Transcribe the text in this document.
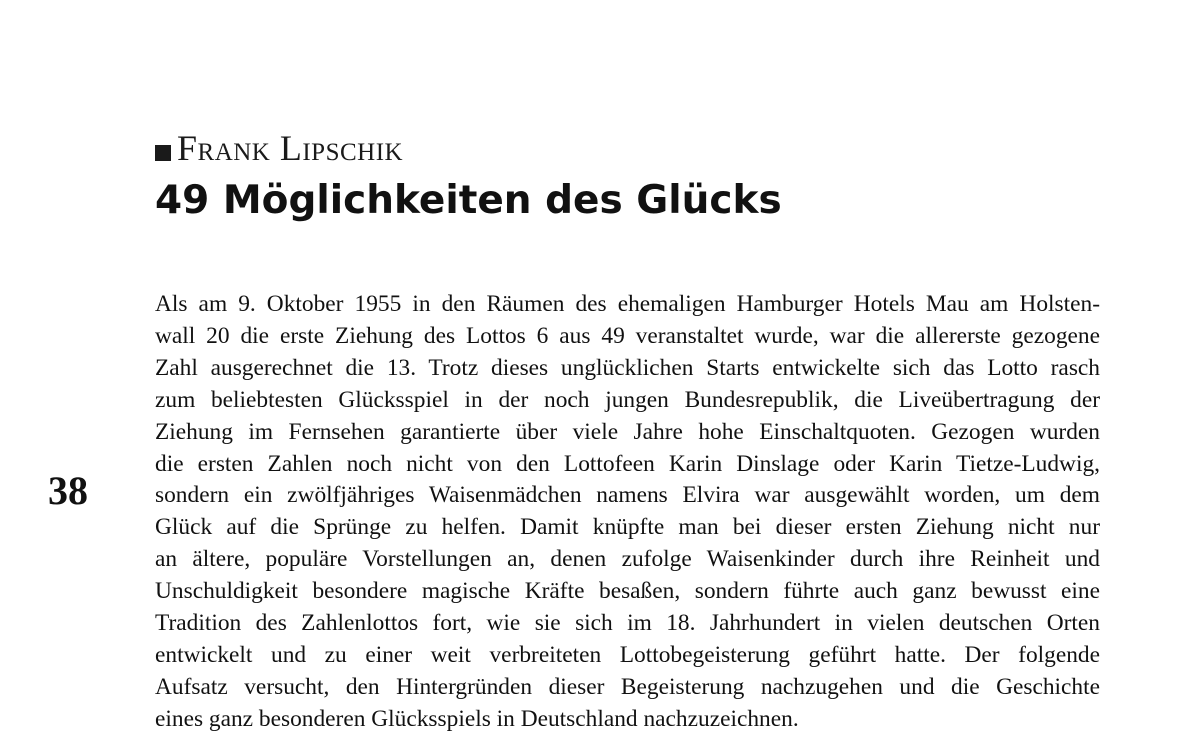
Frank Lipschik
49 Möglichkeiten des Glücks
38
Als am 9. Oktober 1955 in den Räumen des ehemaligen Hamburger Hotels Mau am Holsten-
wall 20 die erste Ziehung des Lottos 6 aus 49 veranstaltet wurde, war die allererste gezogene
Zahl ausgerechnet die 13. Trotz dieses unglücklichen Starts entwickelte sich das Lotto rasch
zum beliebtesten Glücksspiel in der noch jungen Bundesrepublik, die Liveübertragung der
Ziehung im Fernsehen garantierte über viele Jahre hohe Einschaltquoten. Gezogen wurden
die ersten Zahlen noch nicht von den Lottofeen Karin Dinslage oder Karin Tietze-Ludwig,
sondern ein zwölfjähriges Waisenmädchen namens Elvira war ausgewählt worden, um dem
Glück auf die Sprünge zu helfen. Damit knüpfte man bei dieser ersten Ziehung nicht nur
an ältere, populäre Vorstellungen an, denen zufolge Waisenkinder durch ihre Reinheit und
Unschuldigkeit besondere magische Kräfte besaßen, sondern führte auch ganz bewusst eine
Tradition des Zahlenlottos fort, wie sie sich im 18. Jahrhundert in vielen deutschen Orten
entwickelt und zu einer weit verbreiteten Lottobegeisterung geführt hatte. Der folgende
Aufsatz versucht, den Hintergründen dieser Begeisterung nachzugehen und die Geschichte
eines ganz besonderen Glücksspiels in Deutschland nachzuzeichnen.
